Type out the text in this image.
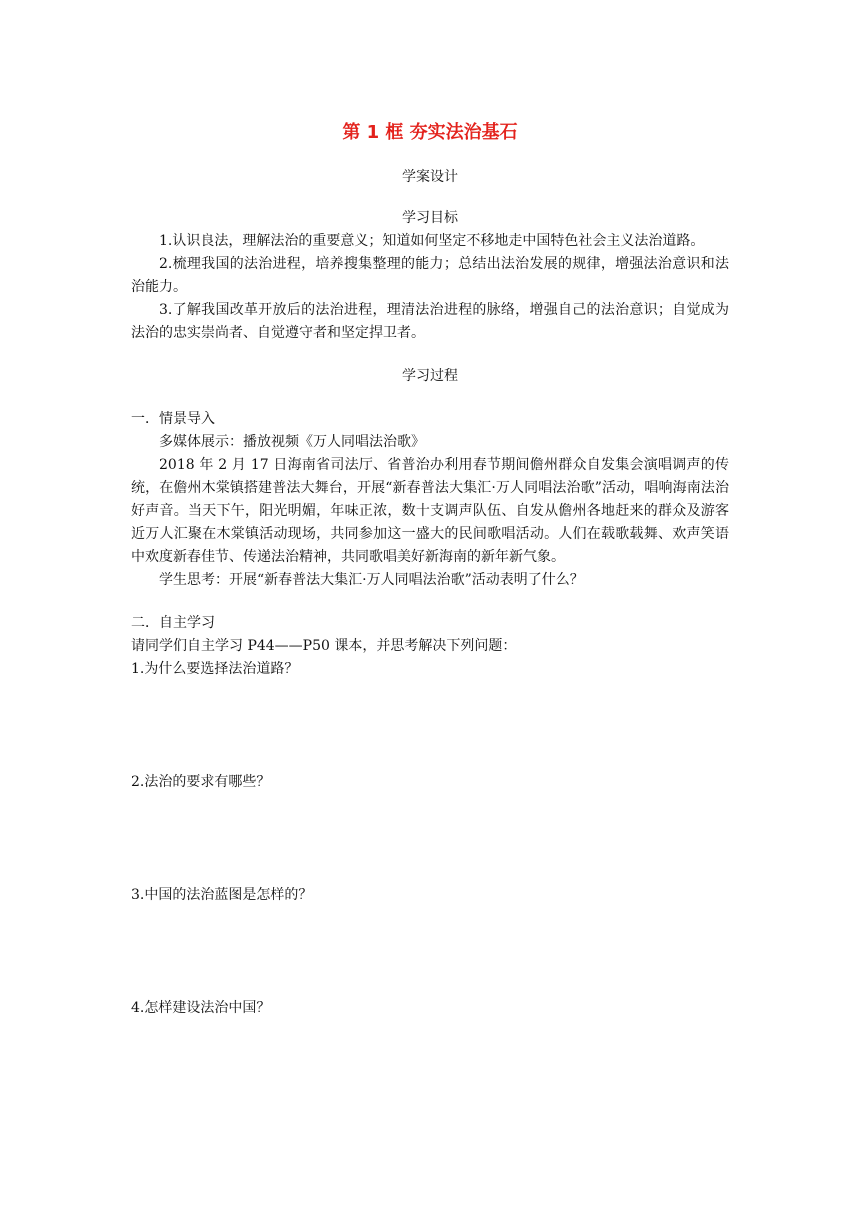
第 1 框 夯实法治基石

学案设计

学习目标

1.认识良法，理解法治的重要意义；知道如何坚定不移地走中国特色社会主义法治道路。

2.梳理我国的法治进程，培养搜集整理的能力；总结出法治发展的规律，增强法治意识和法治能力。

3.了解我国改革开放后的法治进程，理清法治进程的脉络，增强自己的法治意识；自觉成为法治的忠实崇尚者、自觉遵守者和坚定捍卫者。

学习过程

一．情景导入

多媒体展示：播放视频《万人同唱法治歌》

2018 年 2 月 17 日海南省司法厅、省普治办利用春节期间儋州群众自发集会演唱调声的传统，在儋州木棠镇搭建普法大舞台，开展“新春普法大集汇·万人同唱法治歌”活动，唱响海南法治好声音。当天下午，阳光明媚，年味正浓，数十支调声队伍、自发从儋州各地赶来的群众及游客近万人汇聚在木棠镇活动现场，共同参加这一盛大的民间歌唱活动。人们在载歌载舞、欢声笑语中欢度新春佳节、传递法治精神，共同歌唱美好新海南的新年新气象。

学生思考：开展“新春普法大集汇·万人同唱法治歌”活动表明了什么？

二．自主学习

请同学们自主学习 P44——P50 课本，并思考解决下列问题：

1.为什么要选择法治道路？

2.法治的要求有哪些？

3.中国的法治蓝图是怎样的？

4.怎样建设法治中国？
